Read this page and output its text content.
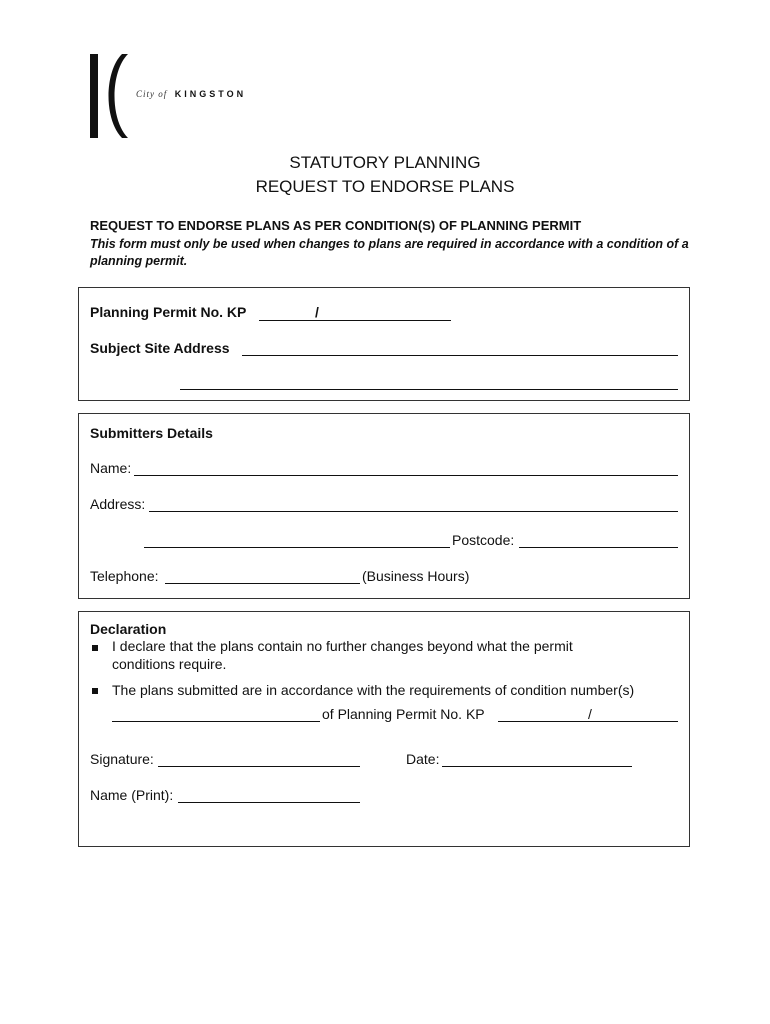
City of KINGSTON
STATUTORY PLANNING
REQUEST TO ENDORSE PLANS
REQUEST TO ENDORSE PLANS AS PER CONDITION(S) OF PLANNING PERMIT
This form must only be used when changes to plans are required in accordance with a condition of a planning permit.
Planning Permit No. KP	/
Subject Site Address
Submitters Details
Name:
Address:
Postcode:
Telephone:	(Business Hours)
Declaration
I declare that the plans contain no further changes beyond what the permit
conditions require.
The plans submitted are in accordance with the requirements of condition number(s)
of Planning Permit No. KP	/
Signature:	Date:
Name (Print):
